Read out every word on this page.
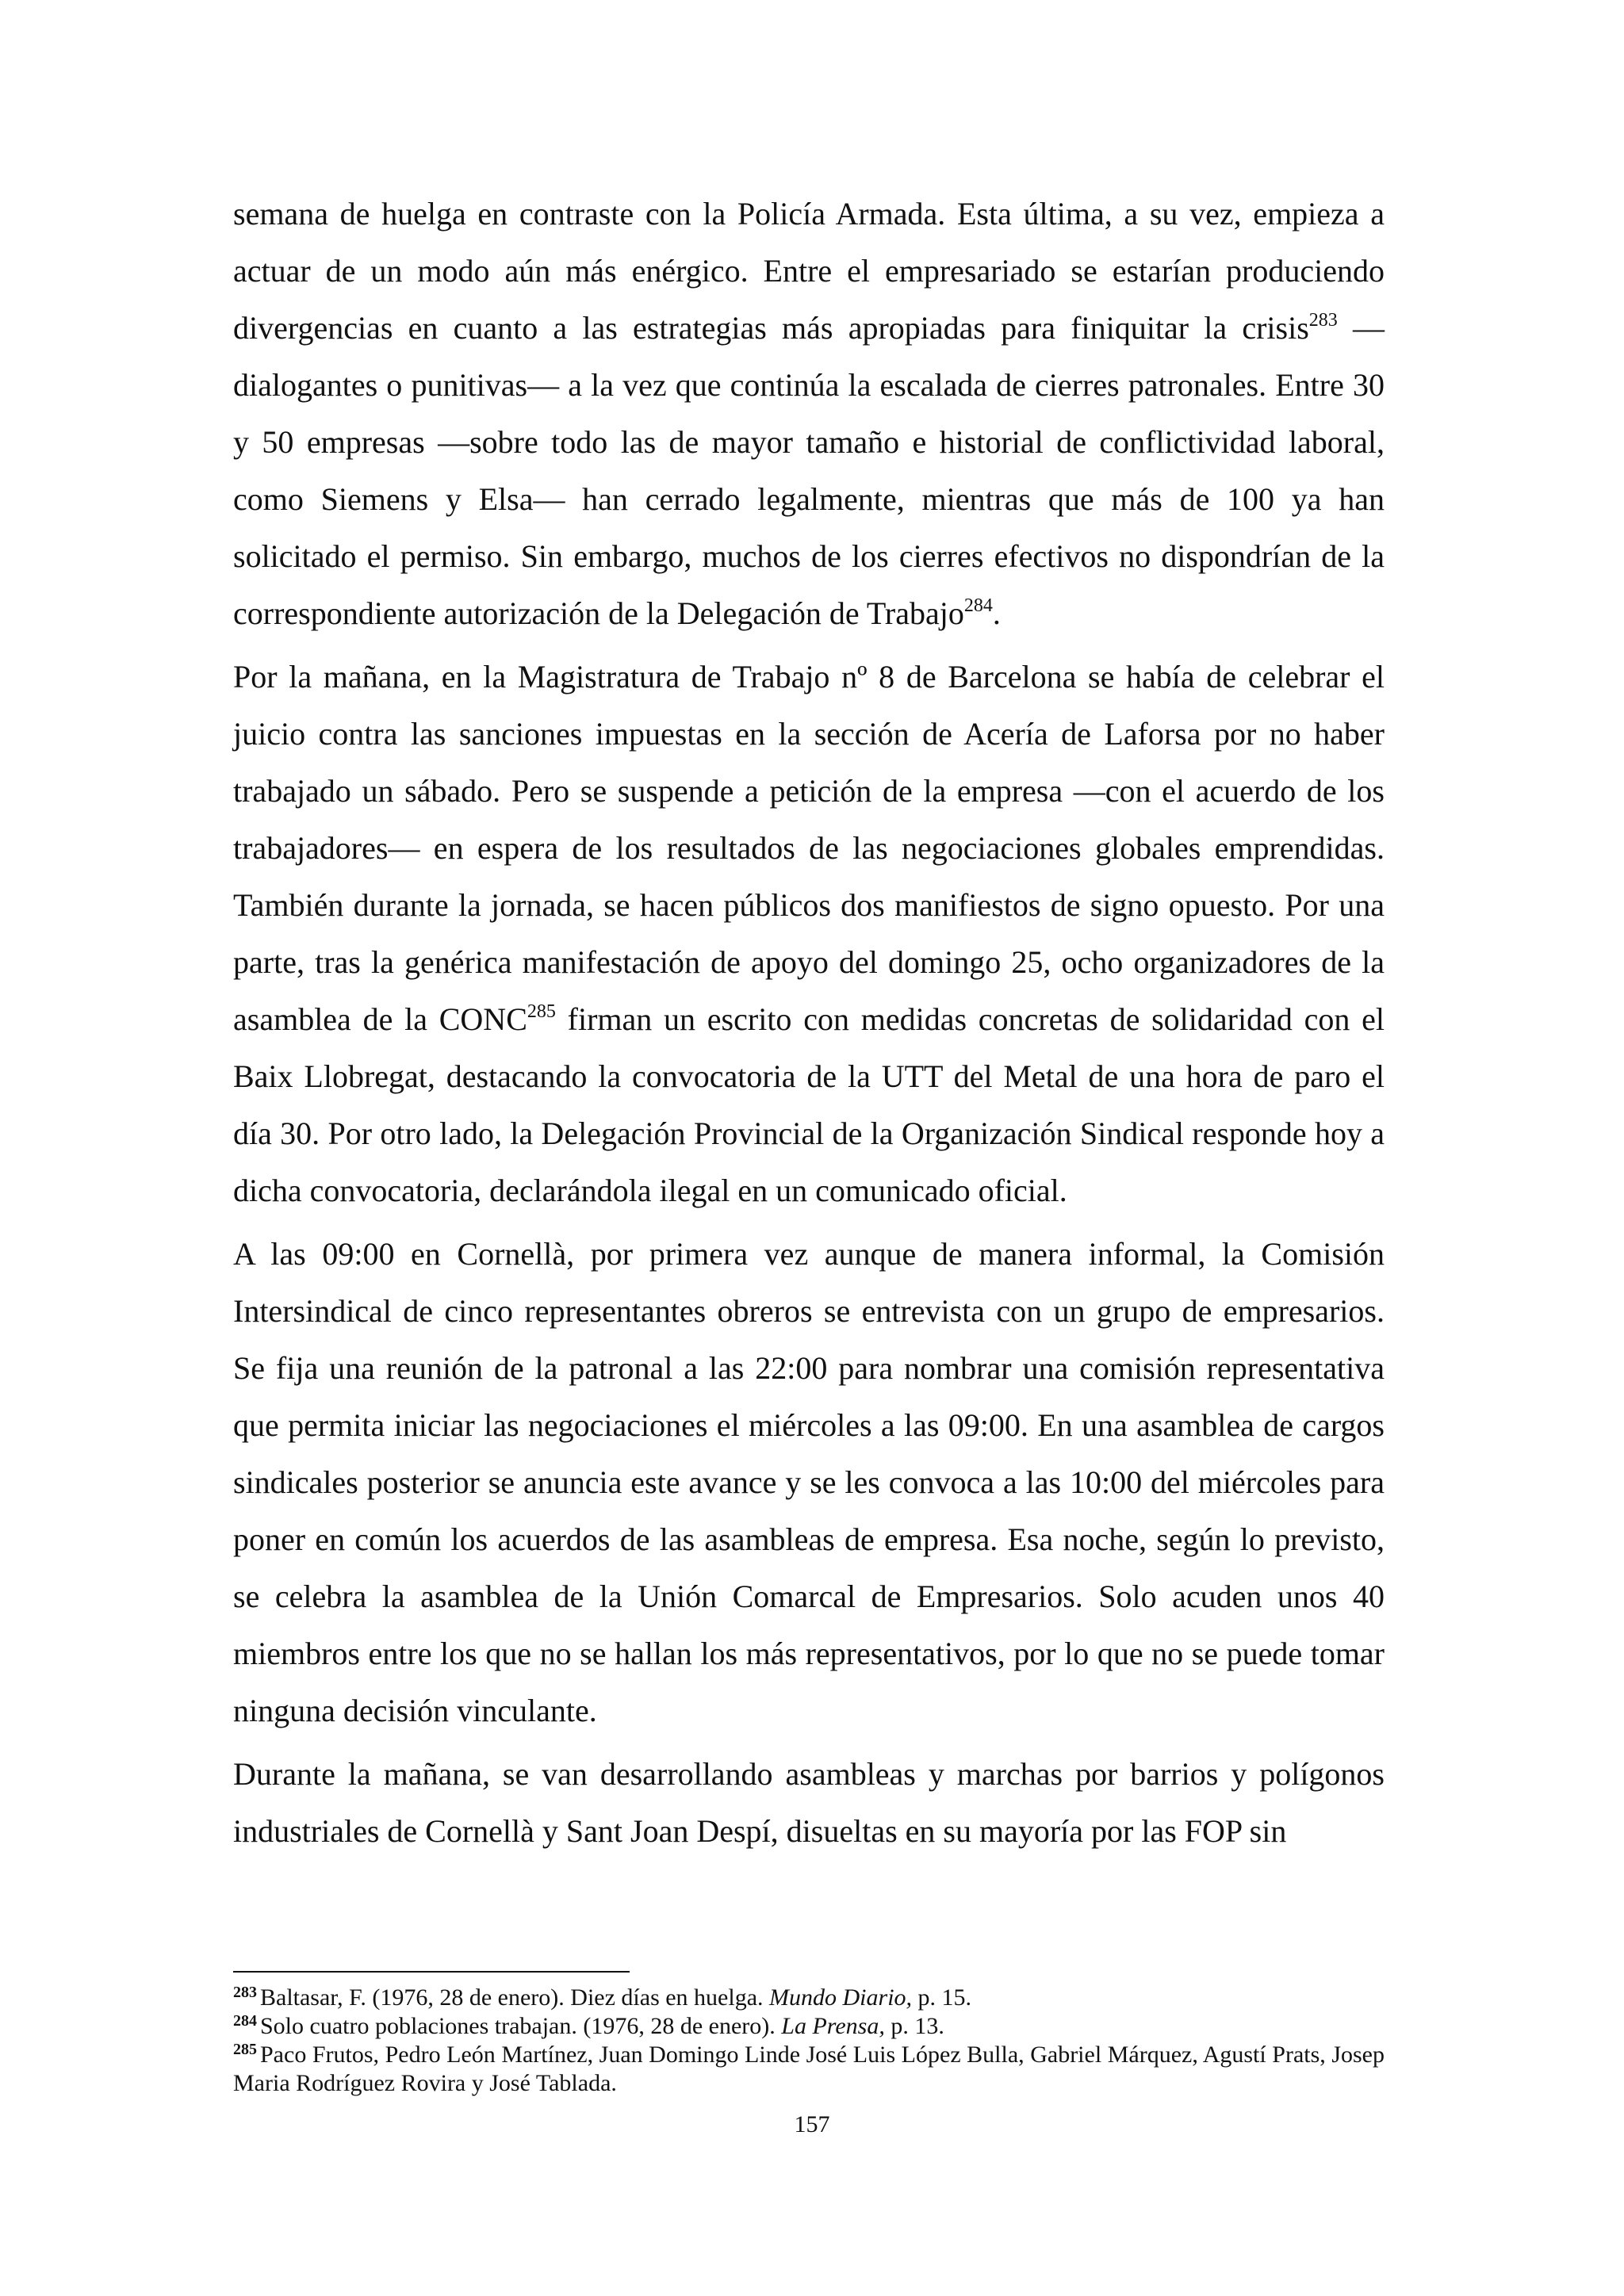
semana de huelga en contraste con la Policía Armada. Esta última, a su vez, empieza a actuar de un modo aún más enérgico. Entre el empresariado se estarían produciendo divergencias en cuanto a las estrategias más apropiadas para finiquitar la crisis$^{283}$ —dialogantes o punitivas— a la vez que continúa la escalada de cierres patronales. Entre 30 y 50 empresas —sobre todo las de mayor tamaño e historial de conflictividad laboral, como Siemens y Elsa— han cerrado legalmente, mientras que más de 100 ya han solicitado el permiso. Sin embargo, muchos de los cierres efectivos no dispondrían de la correspondiente autorización de la Delegación de Trabajo$^{284}$.

Por la mañana, en la Magistratura de Trabajo nº 8 de Barcelona se había de celebrar el juicio contra las sanciones impuestas en la sección de Acería de Laforsa por no haber trabajado un sábado. Pero se suspende a petición de la empresa —con el acuerdo de los trabajadores— en espera de los resultados de las negociaciones globales emprendidas. También durante la jornada, se hacen públicos dos manifiestos de signo opuesto. Por una parte, tras la genérica manifestación de apoyo del domingo 25, ocho organizadores de la asamblea de la CONC$^{285}$ firman un escrito con medidas concretas de solidaridad con el Baix Llobregat, destacando la convocatoria de la UTT del Metal de una hora de paro el día 30. Por otro lado, la Delegación Provincial de la Organización Sindical responde hoy a dicha convocatoria, declarándola ilegal en un comunicado oficial.

A las 09:00 en Cornellà, por primera vez aunque de manera informal, la Comisión Intersindical de cinco representantes obreros se entrevista con un grupo de empresarios. Se fija una reunión de la patronal a las 22:00 para nombrar una comisión representativa que permita iniciar las negociaciones el miércoles a las 09:00. En una asamblea de cargos sindicales posterior se anuncia este avance y se les convoca a las 10:00 del miércoles para poner en común los acuerdos de las asambleas de empresa. Esa noche, según lo previsto, se celebra la asamblea de la Unión Comarcal de Empresarios. Solo acuden unos 40 miembros entre los que no se hallan los más representativos, por lo que no se puede tomar ninguna decisión vinculante.

Durante la mañana, se van desarrollando asambleas y marchas por barrios y polígonos industriales de Cornellà y Sant Joan Despí, disueltas en su mayoría por las FOP sin

$^{283}$ Baltasar, F. (1976, 28 de enero). Diez días en huelga. Mundo Diario, p. 15.

$^{284}$ Solo cuatro poblaciones trabajan. (1976, 28 de enero). La Prensa, p. 13.

$^{285}$ Paco Frutos, Pedro León Martínez, Juan Domingo Linde José Luis López Bulla, Gabriel Márquez, Agustí Prats, Josep Maria Rodríguez Rovira y José Tablada.

157
